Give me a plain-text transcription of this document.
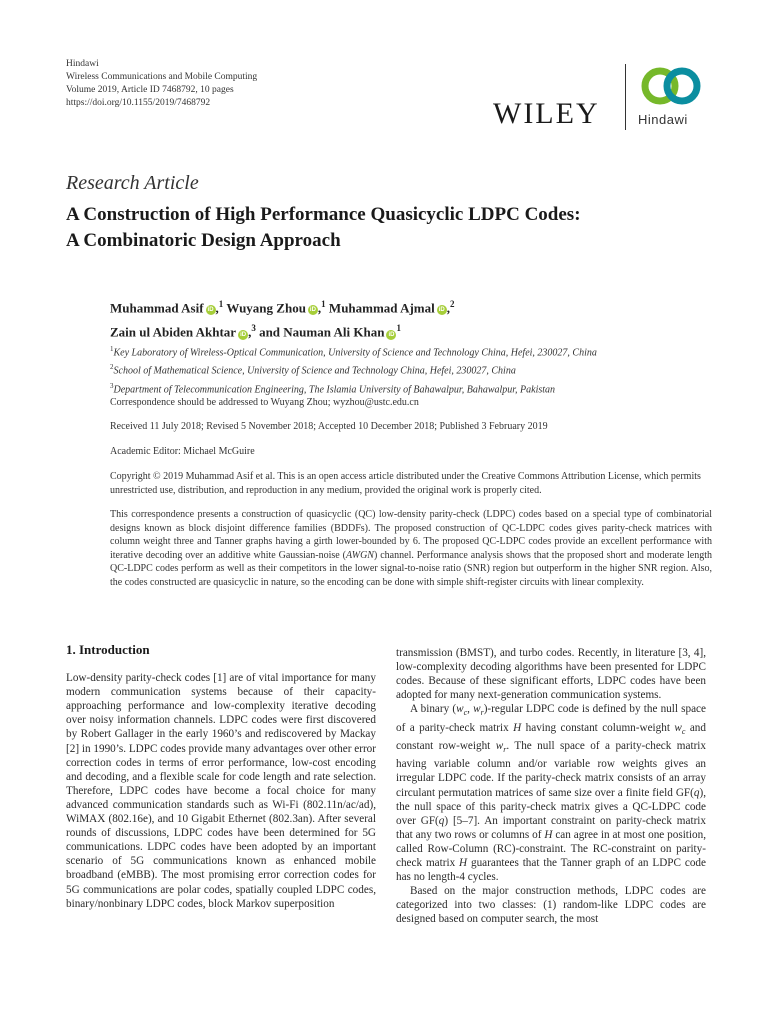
Hindawi
Wireless Communications and Mobile Computing
Volume 2019, Article ID 7468792, 10 pages
https://doi.org/10.1155/2019/7468792	WILEY	Hindawi
Research Article
A Construction of High Performance Quasicyclic LDPC Codes:
A Combinatoric Design Approach
Muhammad Asif iD ,$^1$ Wuyang Zhou iD ,$^1$ Muhammad Ajmal iD ,$^2$
Zain ul Abiden Akhtar iD ,$^3$ and Nauman Ali Khan $iD^1$
$^1$Key Laboratory of Wireless-Optical Communication, University of Science and Technology China, Hefei, 230027, China
$^2$School of Mathematical Science, University of Science and Technology China, Hefei, 230027, China
$^3$Department of Telecommunication Engineering, The Islamia University of Bahawalpur, Bahawalpur, Pakistan
Correspondence should be addressed to Wuyang Zhou; wyzhou@ustc.edu.cn
Received 11 July 2018; Revised 5 November 2018; Accepted 10 December 2018; Published 3 February 2019
Academic Editor: Michael McGuire
Copyright © 2019 Muhammad Asif et al. This is an open access article distributed under the Creative Commons Attribution License, which permits unrestricted use, distribution, and reproduction in any medium, provided the original work is properly cited.
This correspondence presents a construction of quasicyclic (QC) low-density parity-check (LDPC) codes based on a special type of combinatorial designs known as block disjoint difference families (BDDFs). The proposed construction of QC-LDPC codes gives parity-check matrices with column weight three and Tanner graphs having a girth lower-bounded by 6. The proposed QC-LDPC codes provide an excellent performance with iterative decoding over an additive white Gaussian-noise (AWGN) channel. Performance analysis shows that the proposed short and moderate length QC-LDPC codes perform as well as their competitors in the lower signal-to-noise ratio (SNR) region but outperform in the higher SNR region. Also, the codes constructed are quasicyclic in nature, so the encoding can be done with simple shift-register circuits with linear complexity.
1. Introduction

Low-density parity-check codes [1] are of vital importance for many modern communication systems because of their capacity-approaching performance and low-complexity iterative decoding over noisy information channels. LDPC codes were first discovered by Robert Gallager in the early 1960’s and rediscovered by Mackay [2] in 1990’s. LDPC codes provide many advantages over other error correction codes in terms of error performance, low-cost encoding and decoding, and a flexible scale for code length and rate selection. Therefore, LDPC codes have become a focal choice for many advanced communication standards such as Wi-Fi (802.11n/ac/ad), WiMAX (802.16e), and 10 Gigabit Ethernet (802.3an). After several rounds of discussions, LDPC codes have been determined for 5G communications. LDPC codes have been adopted by an important scenario of 5G communications known as enhanced mobile broadband (eMBB). The most promising error correction codes for 5G communications are polar codes, spatially coupled LDPC codes, binary/nonbinary LDPC codes, block Markov superposition

transmission (BMST), and turbo codes. Recently, in literature [3, 4], low-complexity decoding algorithms have been presented for LDPC codes. Because of these significant efforts, LDPC codes have been adopted for many next-generation communication systems.

A binary ($w_c$, $w_r$)-regular LDPC code is defined by the null space of a parity-check matrix H having constant column-weight $w_c$ and constant row-weight $w_r$. The null space of a parity-check matrix having variable column and/or variable row weights gives an irregular LDPC code. If the parity-check matrix consists of an array circulant permutation matrices of same size over a finite field GF(q), the null space of this parity-check matrix gives a QC-LDPC code over GF(q) [5–7]. An important constraint on parity-check matrix that any two rows or columns of H can agree in at most one position, called Row-Column (RC)-constraint. The RC-constraint on parity-check matrix H guarantees that the Tanner graph of an LDPC code has no length-4 cycles.

Based on the major construction methods, LDPC codes are categorized into two classes: (1) random-like LDPC codes are designed based on computer search, the most
